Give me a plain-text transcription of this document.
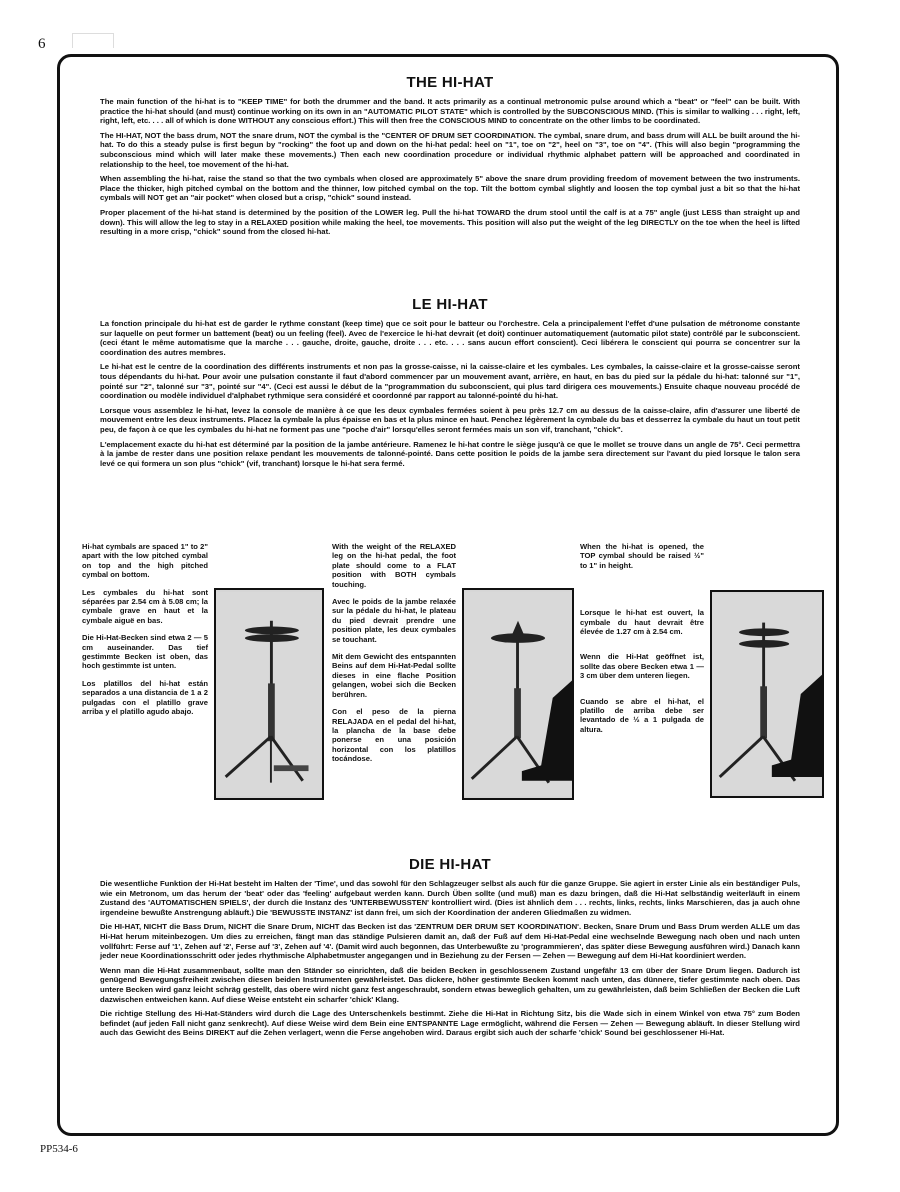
6
THE HI-HAT

The main function of the hi-hat is to "KEEP TIME" for both the drummer and the band. It acts primarily as a continual metronomic pulse around which a "beat" or "feel" can be built. With practice the hi-hat should (and must) continue working on its own in an "AUTOMATIC PILOT STATE" which is controlled by the SUBCONSCIOUS MIND. (This is similar to walking . . . right, left, right, left, etc. . . . all of which is done WITHOUT any conscious effort.) This will then free the CONSCIOUS MIND to concentrate on the other limbs to be coordinated.

The HI-HAT, NOT the bass drum, NOT the snare drum, NOT the cymbal is the "CENTER OF DRUM SET COORDINATION. The cymbal, snare drum, and bass drum will ALL be built around the hi-hat. To do this a steady pulse is first begun by "rocking" the foot up and down on the hi-hat pedal: heel on "1", toe on "2", heel on "3", toe on "4". (This will also begin "programming the subconscious mind which will later make these movements.) Then each new coordination procedure or individual rhythmic alphabet pattern will be approached and coordinated in relationship to the heel, toe movement of the hi-hat.

When assembling the hi-hat, raise the stand so that the two cymbals when closed are approximately 5" above the snare drum providing freedom of movement between the two instruments. Place the thicker, high pitched cymbal on the bottom and the thinner, low pitched cymbal on the top. Tilt the bottom cymbal slightly and loosen the top cymbal just a bit so that the hi-hat cymbals will NOT get an "air pocket" when closed but a crisp, "chick" sound instead.

Proper placement of the hi-hat stand is determined by the position of the LOWER leg. Pull the hi-hat TOWARD the drum stool until the calf is at a 75" angle (just LESS than straight up and down). This will allow the leg to stay in a RELAXED position while making the heel, toe movements. This position will also put the weight of the leg DIRECTLY on the toe when the heel is lifted resulting in a more crisp, "chick" sound from the closed hi-hat.

LE HI-HAT

La fonction principale du hi-hat est de garder le rythme constant (keep time) que ce soit pour le batteur ou l'orchestre. Cela a principalement l'effet d'une pulsation de métronome constante sur laquelle on peut former un battement (beat) ou un feeling (feel). Avec de l'exercice le hi-hat devrait (et doit) continuer automatiquement (automatic pilot state) contrôlé par le subconscient. (ceci étant le même automatisme que la marche . . . gauche, droite, gauche, droite . . . etc. . . . sans aucun effort conscient). Ceci libérera le conscient qui pourra se concentrer sur la coordination des autres membres.

Le hi-hat est le centre de la coordination des différents instruments et non pas la grosse-caisse, ni la caisse-claire et les cymbales. Les cymbales, la caisse-claire et la grosse-caisse seront tous dépendants du hi-hat. Pour avoir une pulsation constante il faut d'abord commencer par un mouvement avant, arrière, en haut, en bas du pied sur la pédale du hi-hat: talonné sur "1", pointé sur "2", talonné sur "3", pointé sur "4". (Ceci est aussi le début de la "programmation du subconscient, qui plus tard dirigera ces mouvements.) Ensuite chaque nouveau procédé de coordination ou modèle individuel d'alphabet rythmique sera considéré et coordonné par rapport au talonné-pointé du hi-hat.

Lorsque vous assemblez le hi-hat, levez la console de manière à ce que les deux cymbales fermées soient à peu près 12.7 cm au dessus de la caisse-claire, afin d'assurer une liberté de mouvement entre les deux instruments. Placez la cymbale la plus épaisse en bas et la plus mince en haut. Penchez légèrement la cymbale du bas et desserrez la cymbale du haut un tout petit peu, de façon à ce que les cymbales du hi-hat ne forment pas une "poche d'air" lorsqu'elles seront fermées mais un son vif, tranchant, "chick".

L'emplacement exacte du hi-hat est déterminé par la position de la jambe antérieure. Ramenez le hi-hat contre le siège jusqu'à ce que le mollet se trouve dans un angle de 75°. Ceci permettra à la jambe de rester dans une position relaxe pendant les mouvements de talonné-pointé. Dans cette position le poids de la jambe sera directement sur l'avant du pied lorsque le talon sera levé ce qui formera un son plus "chick" (vif, tranchant) lorsque le hi-hat sera fermé.

Hi-hat cymbals are spaced 1" to 2" apart with the low pitched cymbal on top and the high pitched cymbal on bottom.

Les cymbales du hi-hat sont séparées par 2.54 cm à 5.08 cm; la cymbale grave en haut et la cymbale aiguë en bas.

Die Hi-Hat-Becken sind etwa 2 — 5 cm auseinander. Das tief gestimmte Becken ist oben, das hoch gestimmte ist unten.

Los platillos del hi-hat están separados a una distancia de 1 a 2 pulgadas con el platillo grave arriba y el platillo agudo abajo.

With the weight of the RELAXED leg on the hi-hat pedal, the foot plate should come to a FLAT position with BOTH cymbals touching.

Avec le poids de la jambe relaxée sur la pédale du hi-hat, le plateau du pied devrait prendre une position plate, les deux cymbales se touchant.

Mit dem Gewicht des entspannten Beins auf dem Hi-Hat-Pedal sollte dieses in eine flache Position gelangen, wobei sich die Becken berühren.

Con el peso de la pierna RELAJADA en el pedal del hi-hat, la plancha de la base debe ponerse en una posición horizontal con los platillos tocándose.

When the hi-hat is opened, the TOP cymbal should be raised ½" to 1" in height.

Lorsque le hi-hat est ouvert, la cymbale du haut devrait être élevée de 1.27 cm à 2.54 cm.

Wenn die Hi-Hat geöffnet ist, sollte das obere Becken etwa 1 — 3 cm über dem unteren liegen.

Cuando se abre el hi-hat, el platillo de arriba debe ser levantado de ½ a 1 pulgada de altura.

DIE HI-HAT

Die wesentliche Funktion der Hi-Hat besteht im Halten der 'Time', und das sowohl für den Schlagzeuger selbst als auch für die ganze Gruppe. Sie agiert in erster Linie als ein beständiger Puls, wie ein Metronom, um das herum der 'beat' oder das 'feeling' aufgebaut werden kann. Durch Üben sollte (und muß) man es dazu bringen, daß die Hi-Hat selbständig weiterläuft in einem Zustand des 'AUTOMATISCHEN SPIELS', der durch die Instanz des 'UNTERBEWUSSTEN' kontrolliert wird. (Dies ist ähnlich dem . . . rechts, links, rechts, links Marschieren, das ja auch ohne irgendeine bewußte Anstrengung abläuft.) Die 'BEWUSSTE INSTANZ' ist dann frei, um sich der Koordination der anderen Gliedmaßen zu widmen.

Die HI-HAT, NICHT die Bass Drum, NICHT die Snare Drum, NICHT das Becken ist das 'ZENTRUM DER DRUM SET KOORDINATION'. Becken, Snare Drum und Bass Drum werden ALLE um das Hi-Hat herum miteinbezogen. Um dies zu erreichen, fängt man das ständige Pulsieren damit an, daß der Fuß auf dem Hi-Hat-Pedal eine wechselnde Bewegung nach oben und nach unten vollführt: Ferse auf '1', Zehen auf '2', Ferse auf '3', Zehen auf '4'. (Damit wird auch begonnen, das Unterbewußte zu 'programmieren', das später diese Bewegung ausführen wird.) Danach kann jeder neue Koordinationsschritt oder jedes rhythmische Alphabetmuster angegangen und in Beziehung zu der Fersen — Zehen — Bewegung auf dem Hi-Hat koordiniert werden.

Wenn man die Hi-Hat zusammenbaut, sollte man den Ständer so einrichten, daß die beiden Becken in geschlossenem Zustand ungefähr 13 cm über der Snare Drum liegen. Dadurch ist genügend Bewegungsfreiheit zwischen diesen beiden Instrumenten gewährleistet. Das dickere, höher gestimmte Becken kommt nach unten, das dünnere, tiefer gestimmte nach oben. Das untere Becken wird ganz leicht schräg gestellt, das obere wird nicht ganz fest angeschraubt, sondern etwas beweglich gehalten, um zu gewährleisten, daß beim Schließen der Becken die Luft dazwischen entweichen kann. Auf diese Weise entsteht ein scharfer 'chick' Klang.

Die richtige Stellung des Hi-Hat-Ständers wird durch die Lage des Unterschenkels bestimmt. Ziehe die Hi-Hat in Richtung Sitz, bis die Wade sich in einem Winkel von etwa 75° zum Boden befindet (auf jeden Fall nicht ganz senkrecht). Auf diese Weise wird dem Bein eine ENTSPANNTE Lage ermöglicht, während die Fersen — Zehen — Bewegung abläuft. In dieser Stellung wird auch das Gewicht des Beins DIREKT auf die Zehen verlagert, wenn die Ferse angehoben wird. Daraus ergibt sich auch der scharfe 'chick' Sound bei geschlossener Hi-Hat.

PP534-6
